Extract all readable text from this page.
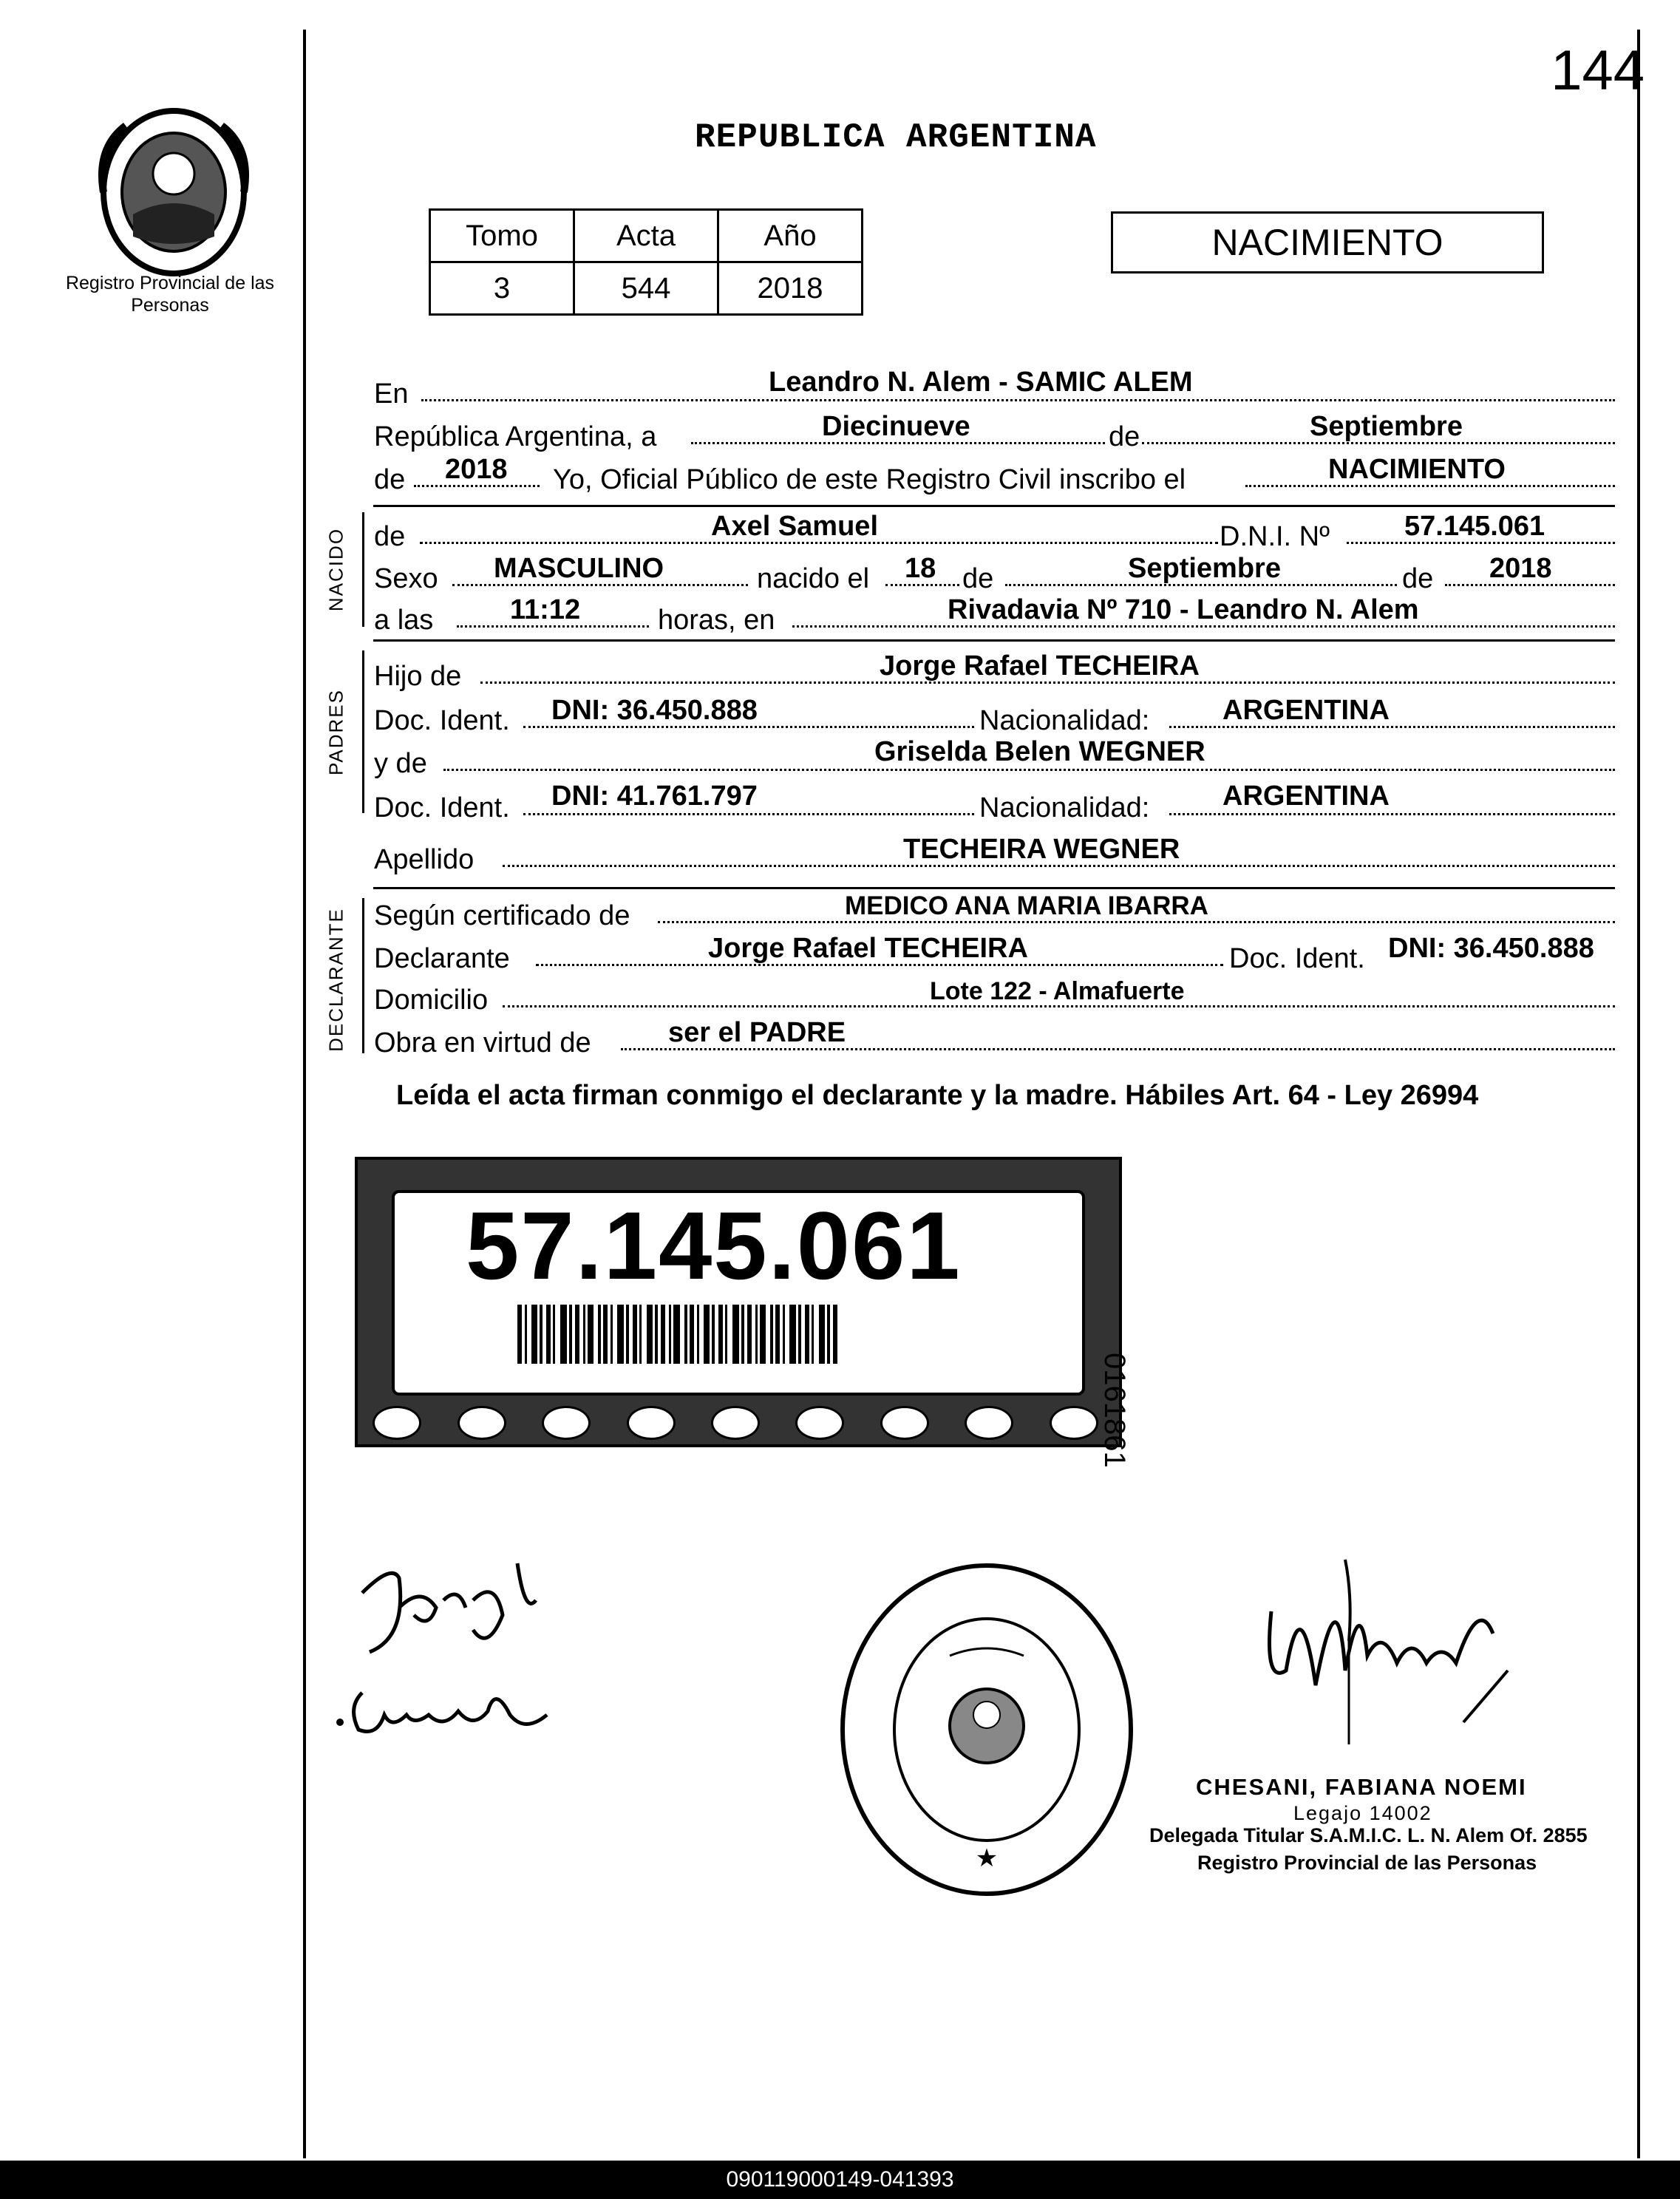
144
Registro Provincial de las Personas
REPUBLICA ARGENTINA
Tomo	Acta	Año
3	544	2018
NACIMIENTO
En	Leandro N. Alem - SAMIC ALEM
República Argentina, a	Diecinueve	de	Septiembre
de 2018 Yo, Oficial Público de este Registro Civil inscribo el	NACIMIENTO
NACIDO de	Axel Samuel	D.N.I. Nº	57.145.061
Sexo MASCULINO	nacido el 18 de	Septiembre	de 2018
a las	11:12	horas, en	Rivadavia Nº 710 - Leandro N. Alem
PADRES
Hijo de	Jorge Rafael TECHEIRA
Doc. Ident. DNI: 36.450.888	Nacionalidad:	ARGENTINA
y de	Griselda Belen WEGNER
Doc. Ident. DNI: 41.761.797	Nacionalidad:	ARGENTINA
Apellido	TECHEIRA WEGNER
DECLARANTE Según certificado de	MEDICO ANA MARIA IBARRA
Declarante	Jorge Rafael TECHEIRA	Doc. Ident. DNI: 36.450.888
Domicilio	Lote 122 - Almafuerte
Obra en virtud de	ser el PADRE
Leída el acta firman conmigo el declarante y la madre. Hábiles Art. 64 - Ley 26994
57.145.061
0161861
★
CHESANI, FABIANA NOEMI
Legajo 14002
Delegada Titular S.A.M.I.C. L. N. Alem Of. 2855
Registro Provincial de las Personas
090119000149-041393
